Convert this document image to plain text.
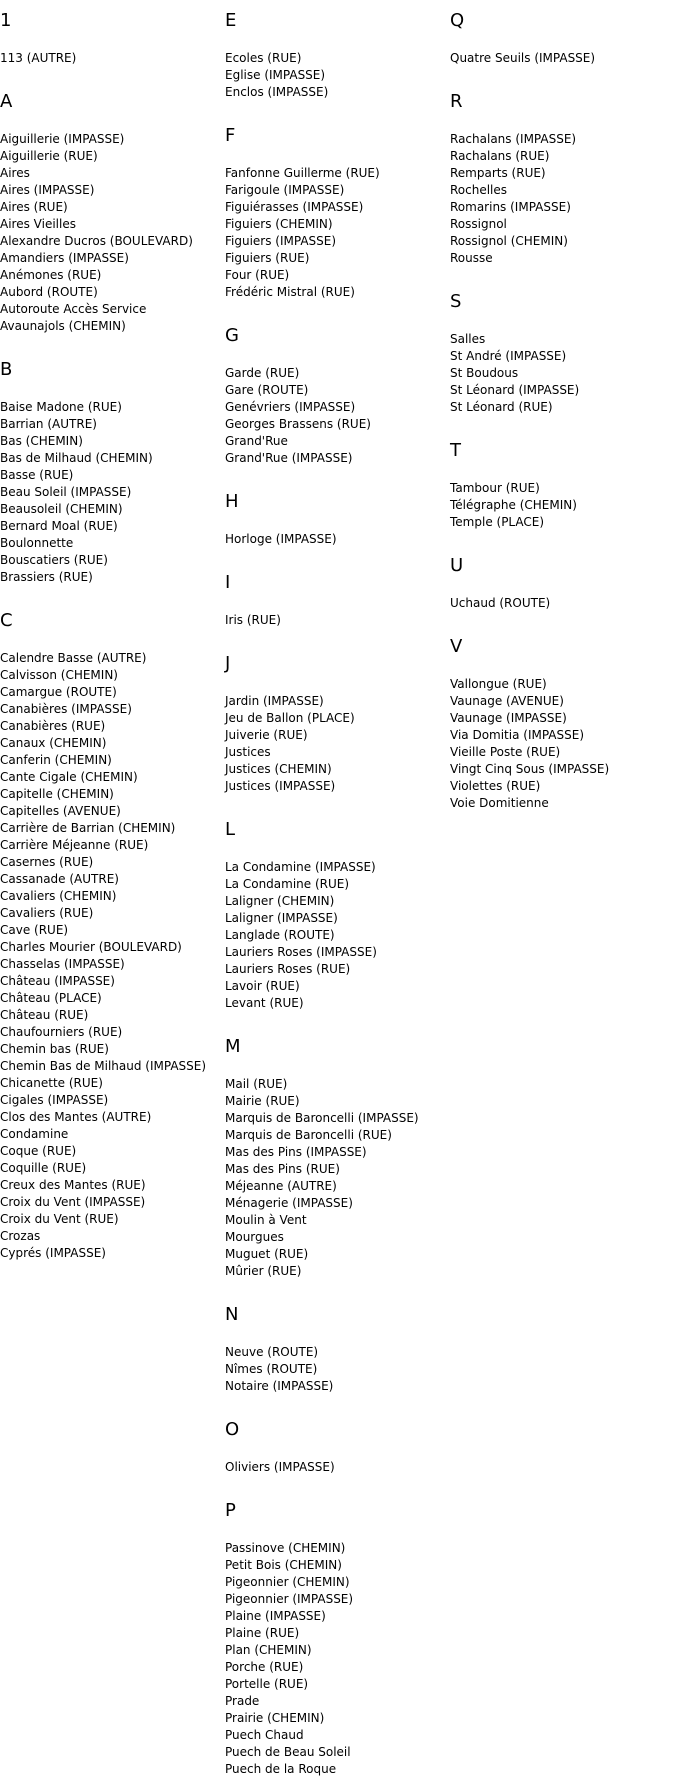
1
113 (AUTRE)
A
Aiguillerie (IMPASSE)
Aiguillerie (RUE)
Aires
Aires (IMPASSE)
Aires (RUE)
Aires Vieilles
Alexandre Ducros (BOULEVARD)
Amandiers (IMPASSE)
Anémones (RUE)
Aubord (ROUTE)
Autoroute Accès Service
Avaunajols (CHEMIN)
B
Baise Madone (RUE)
Barrian (AUTRE)
Bas (CHEMIN)
Bas de Milhaud (CHEMIN)
Basse (RUE)
Beau Soleil (IMPASSE)
Beausoleil (CHEMIN)
Bernard Moal (RUE)
Boulonnette
Bouscatiers (RUE)
Brassiers (RUE)
C
Calendre Basse (AUTRE)
Calvisson (CHEMIN)
Camargue (ROUTE)
Canabières (IMPASSE)
Canabières (RUE)
Canaux (CHEMIN)
Canferin (CHEMIN)
Cante Cigale (CHEMIN)
Capitelle (CHEMIN)
Capitelles (AVENUE)
Carrière de Barrian (CHEMIN)
Carrière Méjeanne (RUE)
Casernes (RUE)
Cassanade (AUTRE)
Cavaliers (CHEMIN)
Cavaliers (RUE)
Cave (RUE)
Charles Mourier (BOULEVARD)
Chasselas (IMPASSE)
Château (IMPASSE)
Château (PLACE)
Château (RUE)
Chaufourniers (RUE)
Chemin bas (RUE)
Chemin Bas de Milhaud (IMPASSE)
Chicanette (RUE)
Cigales (IMPASSE)
Clos des Mantes (AUTRE)
Condamine
Coque (RUE)
Coquille (RUE)
Creux des Mantes (RUE)
Croix du Vent (IMPASSE)
Croix du Vent (RUE)
Crozas
Cyprés (IMPASSE)
E
Ecoles (RUE)
Eglise (IMPASSE)
Enclos (IMPASSE)
F
Fanfonne Guillerme (RUE)
Farigoule (IMPASSE)
Figuiérasses (IMPASSE)
Figuiers (CHEMIN)
Figuiers (IMPASSE)
Figuiers (RUE)
Four (RUE)
Frédéric Mistral (RUE)
G
Garde (RUE)
Gare (ROUTE)
Genévriers (IMPASSE)
Georges Brassens (RUE)
Grand'Rue
Grand'Rue (IMPASSE)
H
Horloge (IMPASSE)
I
Iris (RUE)
J
Jardin (IMPASSE)
Jeu de Ballon (PLACE)
Juiverie (RUE)
Justices
Justices (CHEMIN)
Justices (IMPASSE)
L
La Condamine (IMPASSE)
La Condamine (RUE)
Laligner (CHEMIN)
Laligner (IMPASSE)
Langlade (ROUTE)
Lauriers Roses (IMPASSE)
Lauriers Roses (RUE)
Lavoir (RUE)
Levant (RUE)
M
Mail (RUE)
Mairie (RUE)
Marquis de Baroncelli (IMPASSE)
Marquis de Baroncelli (RUE)
Mas des Pins (IMPASSE)
Mas des Pins (RUE)
Méjeanne (AUTRE)
Ménagerie (IMPASSE)
Moulin à Vent
Mourgues
Muguet (RUE)
Mûrier (RUE)
N
Neuve (ROUTE)
Nîmes (ROUTE)
Notaire (IMPASSE)
O
Oliviers (IMPASSE)
P
Passinove (CHEMIN)
Petit Bois (CHEMIN)
Pigeonnier (CHEMIN)
Pigeonnier (IMPASSE)
Plaine (IMPASSE)
Plaine (RUE)
Plan (CHEMIN)
Porche (RUE)
Portelle (RUE)
Prade
Prairie (CHEMIN)
Puech Chaud
Puech de Beau Soleil
Puech de la Roque
Q
Quatre Seuils (IMPASSE)
R
Rachalans (IMPASSE)
Rachalans (RUE)
Remparts (RUE)
Rochelles
Romarins (IMPASSE)
Rossignol
Rossignol (CHEMIN)
Rousse
S
Salles
St André (IMPASSE)
St Boudous
St Léonard (IMPASSE)
St Léonard (RUE)
T
Tambour (RUE)
Télégraphe (CHEMIN)
Temple (PLACE)
U
Uchaud (ROUTE)
V
Vallongue (RUE)
Vaunage (AVENUE)
Vaunage (IMPASSE)
Via Domitia (IMPASSE)
Vieille Poste (RUE)
Vingt Cinq Sous (IMPASSE)
Violettes (RUE)
Voie Domitienne
